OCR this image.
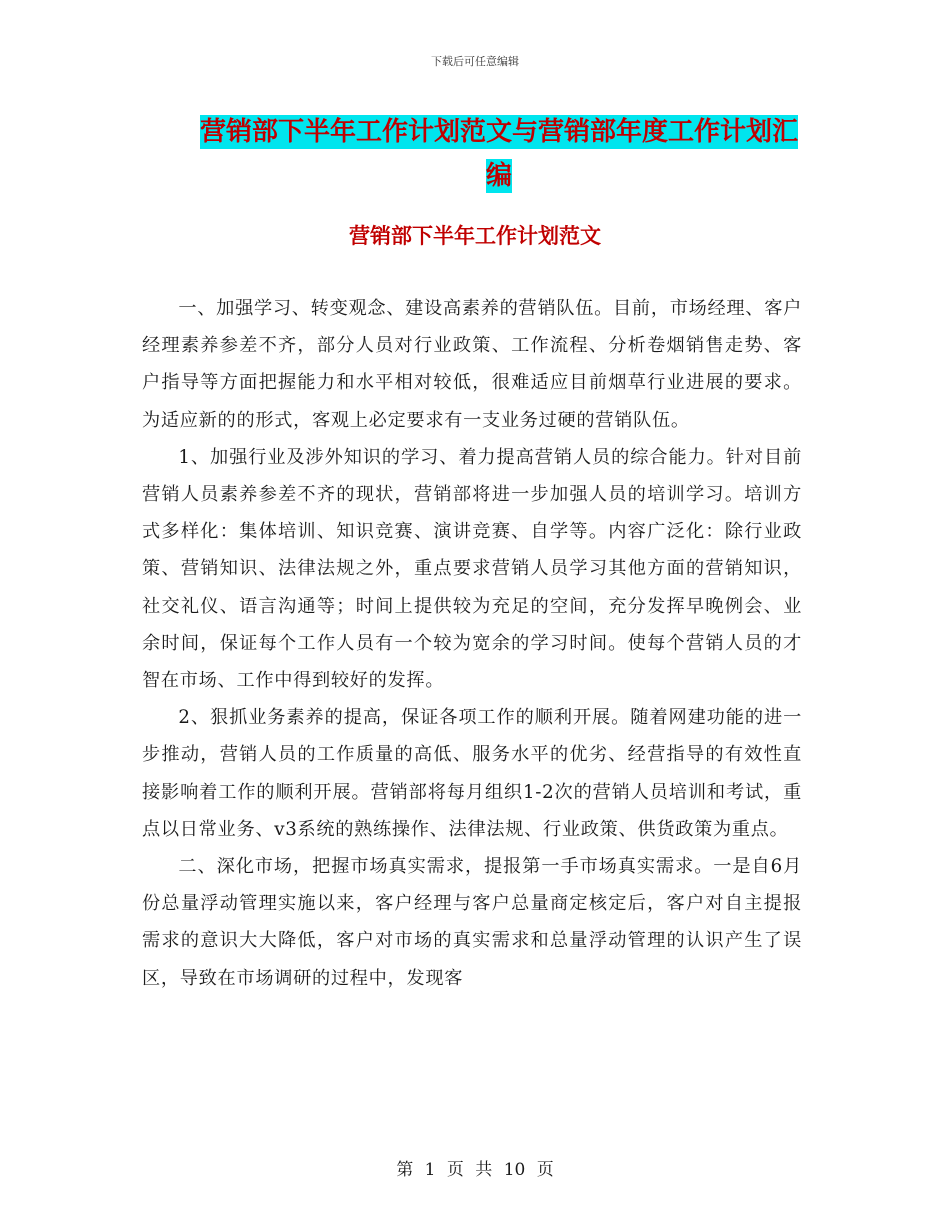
下载后可任意编辑
营销部下半年工作计划范文与营销部年度工作计划汇编
营销部下半年工作计划范文

一、加强学习、转变观念、建设高素养的营销队伍。目前，市场经理、客户经理素养参差不齐，部分人员对行业政策、工作流程、分析卷烟销售走势、客户指导等方面把握能力和水平相对较低，很难适应目前烟草行业进展的要求。为适应新的的形式，客观上必定要求有一支业务过硬的营销队伍。

1、加强行业及涉外知识的学习、着力提高营销人员的综合能力。针对目前营销人员素养参差不齐的现状，营销部将进一步加强人员的培训学习。培训方式多样化：集体培训、知识竞赛、演讲竞赛、自学等。内容广泛化：除行业政策、营销知识、法律法规之外，重点要求营销人员学习其他方面的营销知识，社交礼仪、语言沟通等；时间上提供较为充足的空间，充分发挥早晚例会、业余时间，保证每个工作人员有一个较为宽余的学习时间。使每个营销人员的才智在市场、工作中得到较好的发挥。

2、狠抓业务素养的提高，保证各项工作的顺利开展。随着网建功能的进一步推动，营销人员的工作质量的高低、服务水平的优劣、经营指导的有效性直接影响着工作的顺利开展。营销部将每月组织1-2次的营销人员培训和考试，重点以日常业务、v3系统的熟练操作、法律法规、行业政策、供货政策为重点。

二、深化市场，把握市场真实需求，提报第一手市场真实需求。一是自6月份总量浮动管理实施以来，客户经理与客户总量商定核定后，客户对自主提报需求的意识大大降低，客户对市场的真实需求和总量浮动管理的认识产生了误区，导致在市场调研的过程中，发现客

第 1 页 共 10 页
